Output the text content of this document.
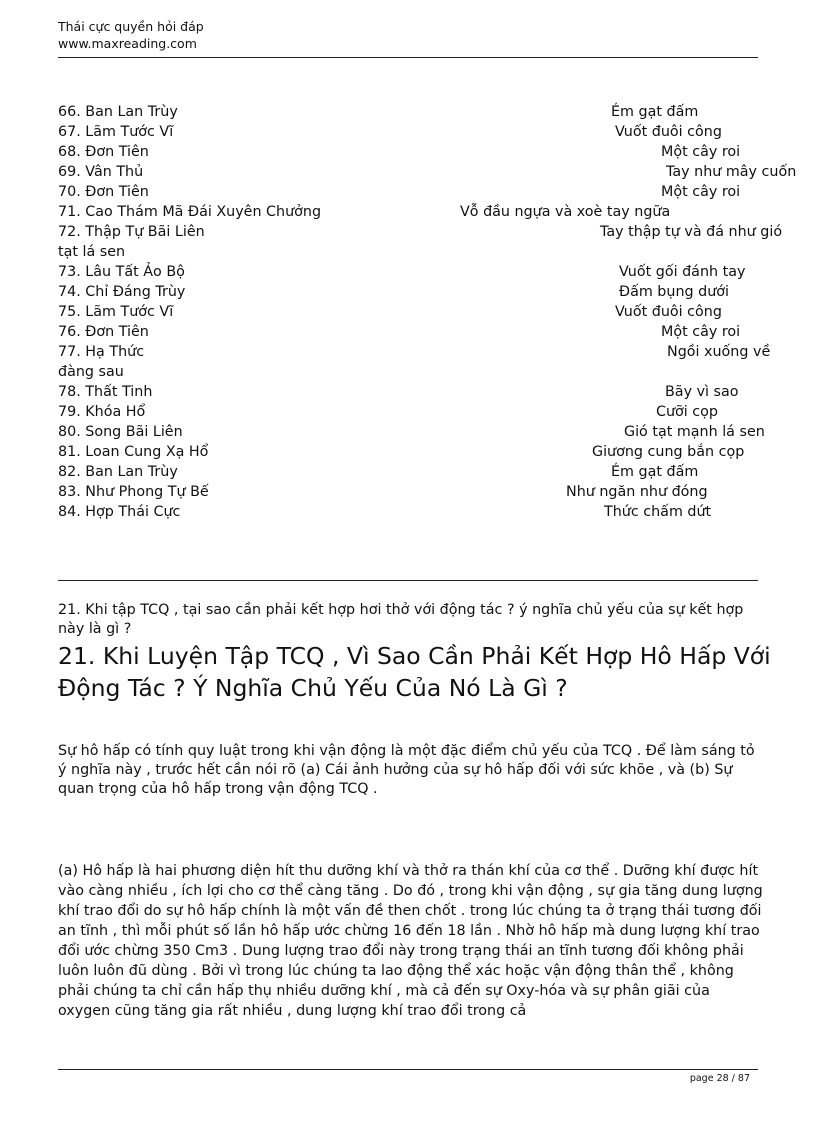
Thái cực quyền hỏi đáp
www.maxreading.com
66. Ban Lan Trùy	Ém gạt đấm
67. Lãm Tước Vĩ	Vuốt đuôi công
68. Đơn Tiên	Một cây roi
69. Vân Thủ	Tay như mây cuốn
70. Đơn Tiên	Một cây roi
71. Cao Thám Mã Đái Xuyên Chưởng	Vỗ đầu ngựa và xoè tay ngữa
72. Thập Tự Bãi Liên	Tay thập tự và đá như gió
tạt lá sen
73. Lâu Tất Ảo Bộ	Vuốt gối đánh tay
74. Chỉ Đáng Trùy	Đấm bụng dưới
75. Lãm Tước Vĩ	Vuốt đuôi công
76. Đơn Tiên	Một cây roi
77. Hạ Thức	Ngồi xuống về
đàng sau
78. Thất Tinh	Bãy vì sao
79. Khóa Hổ	Cưỡi cọp
80. Song Bãi Liên	Gió tạt mạnh lá sen
81. Loan Cung Xạ Hổ	Giương cung bắn cọp
82. Ban Lan Trùy	Ém gạt đấm
83. Như Phong Tự Bế	Như ngăn như đóng
84. Hợp Thái Cực	Thức chấm dứt
21. Khi tập TCQ , tại sao cần phải kết hợp hơi thở với động tác ? ý nghĩa chủ yếu của sự kết hợp này là gì ?
21. Khi Luyện Tập TCQ , Vì Sao Cần Phải Kết Hợp Hô Hấp Với Động Tác ? Ý Nghĩa Chủ Yếu Của Nó Là Gì ?

Sự hô hấp có tính quy luật trong khi vận động là một đặc điểm chủ yếu của TCQ . Để làm sáng tỏ ý nghĩa này , trước hết cần nói rõ (a) Cái ảnh hưởng của sự hô hấp đối với sức khõe , và (b) Sự quan trọng của hô hấp trong vận động TCQ .

(a) Hô hấp là hai phương diện hít thu dưỡng khí và thở ra thán khí của cơ thể . Dưỡng khí được hít vào càng nhiều , ích lợi cho cơ thể càng tăng . Do đó , trong khi vận động , sự gia tăng dung lượng khí trao đổi do sự hô hấp chính là một vấn đề then chốt . trong lúc chúng ta ở trạng thái tương đối an tĩnh , thì mỗi phút số lần hô hấp ước chừng 16 đến 18 lần . Nhờ hô hấp mà dung lượng khí trao đổi ước chừng 350 Cm3 . Dung lượng trao đổi này trong trạng thái an tĩnh tương đối không phải luôn luôn đũ dùng . Bởi vì trong lúc chúng ta lao động thể xác hoặc vận động thân thể , không phải chúng ta chỉ cần hấp thụ nhiều dưỡng khí , mà cả đến sự Oxy-hóa và sự phân giãi của oxygen cũng tăng gia rất nhiều , dung lượng khí trao đổi trong cả

page 28 / 87
